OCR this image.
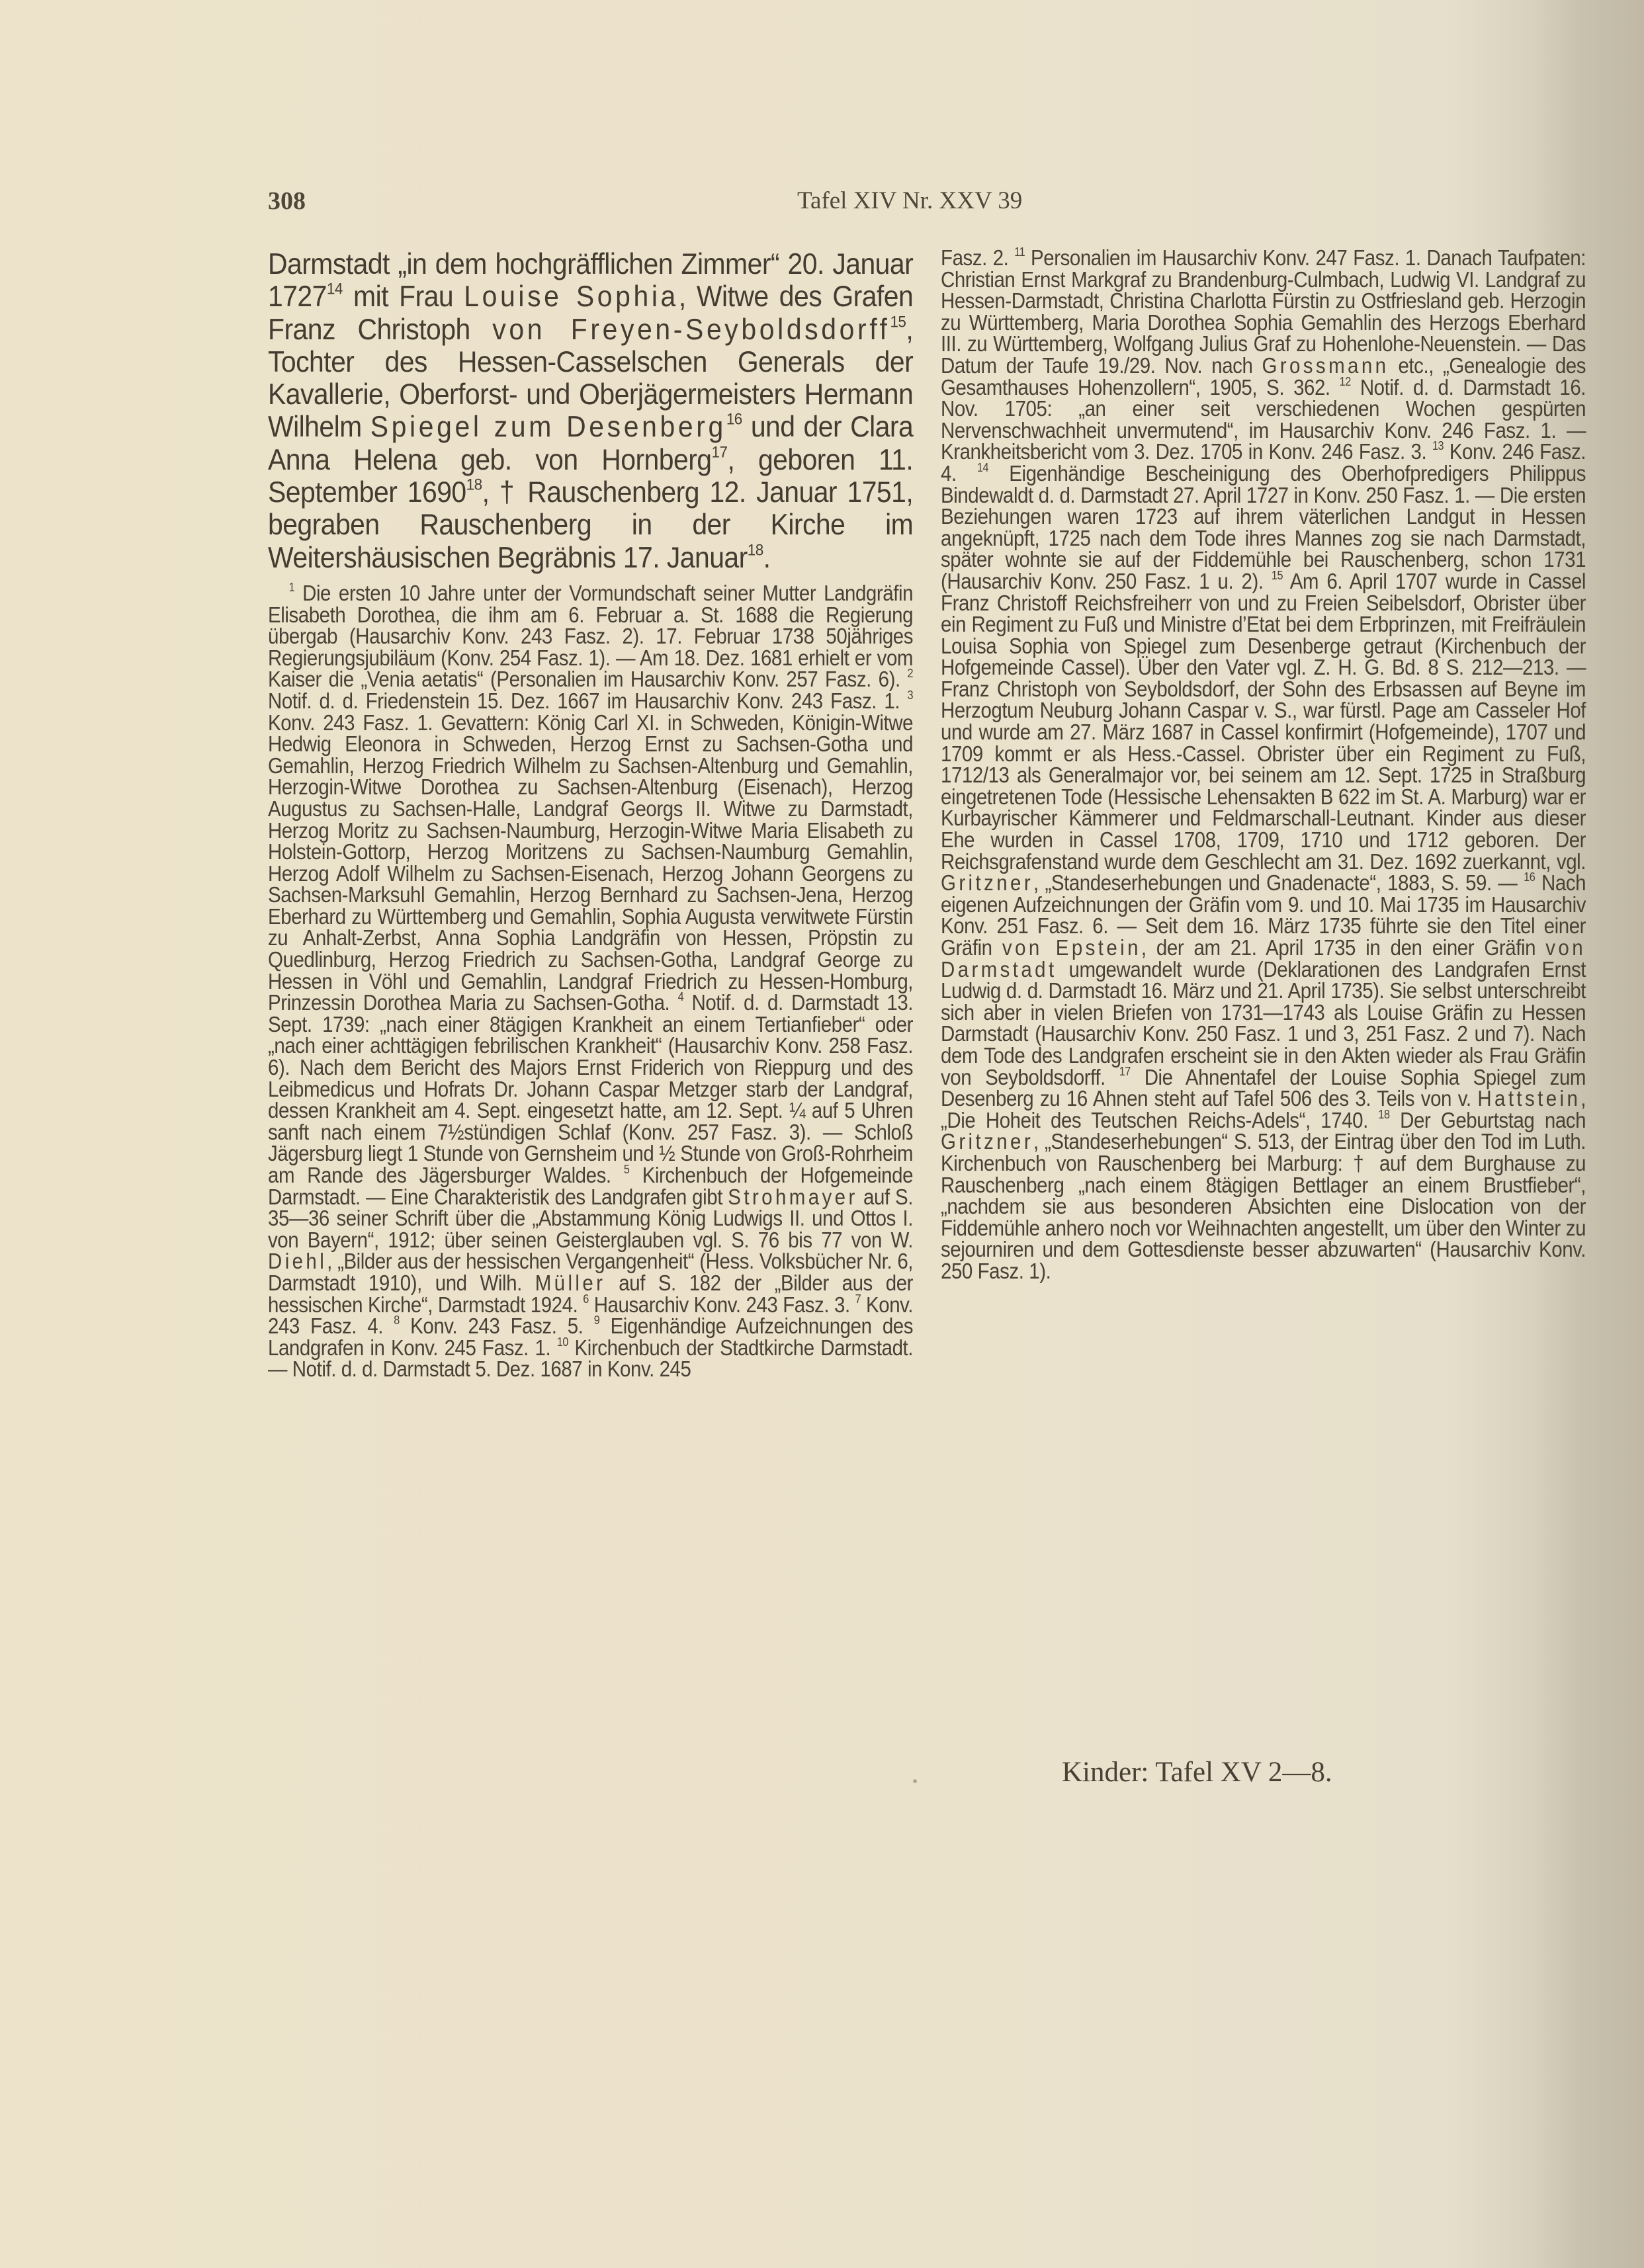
308	Tafel XIV Nr. XXV 39

Darmstadt „in dem hochgräfflichen Zimmer“ 20. Januar 1727$^{14}$ mit Frau Louise Sophia, Witwe des Grafen Franz Christoph von Freyen-Seyboldsdorff$^{15}$, Tochter des Hessen-Casselschen Generals der Kavallerie, Oberforst- und Oberjägermeisters Hermann Wilhelm Spiegel zum Desenberg$^{16}$ und der Clara Anna Helena geb. von Hornberg$^{17}$, geboren 11. September 1690$^{18}$, † Rauschenberg 12. Januar 1751, begraben Rauschenberg in der Kirche im Weitershäusischen Begräbnis 17. Januar$^{18}$.

$^1$ Die ersten 10 Jahre unter der Vormundschaft seiner Mutter Landgräfin Elisabeth Dorothea, die ihm am 6. Februar a. St. 1688 die Regierung übergab (Hausarchiv Konv. 243 Fasz. 2). 17. Februar 1738 50jähriges Regierungsjubiläum (Konv. 254 Fasz. 1). — Am 18. Dez. 1681 erhielt er vom Kaiser die „Venia aetatis“ (Personalien im Hausarchiv Konv. 257 Fasz. 6). $^2$ Notif. d. d. Friedenstein 15. Dez. 1667 im Hausarchiv Konv. 243 Fasz. 1. $^3$ Konv. 243 Fasz. 1. Gevattern: König Carl XI. in Schweden, Königin-Witwe Hedwig Eleonora in Schweden, Herzog Ernst zu Sachsen-Gotha und Gemahlin, Herzog Friedrich Wilhelm zu Sachsen-Altenburg und Gemahlin, Herzogin-Witwe Dorothea zu Sachsen-Altenburg (Eisenach), Herzog Augustus zu Sachsen-Halle, Landgraf Georgs II. Witwe zu Darmstadt, Herzog Moritz zu Sachsen-Naumburg, Herzogin-Witwe Maria Elisabeth zu Holstein-Gottorp, Herzog Moritzens zu Sachsen-Naumburg Gemahlin, Herzog Adolf Wilhelm zu Sachsen-Eisenach, Herzog Johann Georgens zu Sachsen-Marksuhl Gemahlin, Herzog Bernhard zu Sachsen-Jena, Herzog Eberhard zu Württemberg und Gemahlin, Sophia Augusta verwitwete Fürstin zu Anhalt-Zerbst, Anna Sophia Landgräfin von Hessen, Pröpstin zu Quedlinburg, Herzog Friedrich zu Sachsen-Gotha, Landgraf George zu Hessen in Vöhl und Gemahlin, Landgraf Friedrich zu Hessen-Homburg, Prinzessin Dorothea Maria zu Sachsen-Gotha. $^4$ Notif. d. d. Darmstadt 13. Sept. 1739: „nach einer 8tägigen Krankheit an einem Tertianfieber“ oder „nach einer achttägigen febrilischen Krankheit“ (Hausarchiv Konv. 258 Fasz. 6). Nach dem Bericht des Majors Ernst Friderich von Rieppurg und des Leibmedicus und Hofrats Dr. Johann Caspar Metzger starb der Landgraf, dessen Krankheit am 4. Sept. eingesetzt hatte, am 12. Sept. ¼ auf 5 Uhren sanft nach einem 7½stündigen Schlaf (Konv. 257 Fasz. 3). — Schloß Jägersburg liegt 1 Stunde von Gernsheim und ½ Stunde von Groß-Rohrheim am Rande des Jägersburger Waldes. $^5$ Kirchenbuch der Hofgemeinde Darmstadt. — Eine Charakteristik des Landgrafen gibt Strohmayer auf S. 35—36 seiner Schrift über die „Abstammung König Ludwigs II. und Ottos I. von Bayern“, 1912; über seinen Geisterglauben vgl. S. 76 bis 77 von W. Diehl, „Bilder aus der hessischen Vergangenheit“ (Hess. Volksbücher Nr. 6, Darmstadt 1910), und Wilh. Müller auf S. 182 der „Bilder aus der hessischen Kirche“, Darmstadt 1924. $^6$ Hausarchiv Konv. 243 Fasz. 3. $^7$ Konv. 243 Fasz. 4. $^8$ Konv. 243 Fasz. 5. $^9$ Eigenhändige Aufzeichnungen des Landgrafen in Konv. 245 Fasz. 1. $^{10}$ Kirchenbuch der Stadtkirche Darmstadt. — Notif. d. d. Darmstadt 5. Dez. 1687 in Konv. 245

Fasz. 2. $^{11}$ Personalien im Hausarchiv Konv. 247 Fasz. 1. Danach Taufpaten: Christian Ernst Markgraf zu Brandenburg-Culmbach, Ludwig VI. Landgraf zu Hessen-Darmstadt, Christina Charlotta Fürstin zu Ostfriesland geb. Herzogin zu Württemberg, Maria Dorothea Sophia Gemahlin des Herzogs Eberhard III. zu Württemberg, Wolfgang Julius Graf zu Hohenlohe-Neuenstein. — Das Datum der Taufe 19./29. Nov. nach Grossmann etc., „Genealogie des Gesamthauses Hohenzollern“, 1905, S. 362. $^{12}$ Notif. d. d. Darmstadt 16. Nov. 1705: „an einer seit verschiedenen Wochen gespürten Nervenschwachheit unvermutend“, im Hausarchiv Konv. 246 Fasz. 1. — Krankheitsbericht vom 3. Dez. 1705 in Konv. 246 Fasz. 3. $^{13}$ Konv. 246 Fasz. 4. $^{14}$ Eigenhändige Bescheinigung des Oberhofpredigers Philippus Bindewaldt d. d. Darmstadt 27. April 1727 in Konv. 250 Fasz. 1. — Die ersten Beziehungen waren 1723 auf ihrem väterlichen Landgut in Hessen angeknüpft, 1725 nach dem Tode ihres Mannes zog sie nach Darmstadt, später wohnte sie auf der Fiddemühle bei Rauschenberg, schon 1731 (Hausarchiv Konv. 250 Fasz. 1 u. 2). $^{15}$ Am 6. April 1707 wurde in Cassel Franz Christoff Reichsfreiherr von und zu Freien Seibelsdorf, Obrister über ein Regiment zu Fuß und Ministre d’Etat bei dem Erbprinzen, mit Freifräulein Louisa Sophia von Spiegel zum Desenberge getraut (Kirchenbuch der Hofgemeinde Cassel). Über den Vater vgl. Z. H. G. Bd. 8 S. 212—213. — Franz Christoph von Seyboldsdorf, der Sohn des Erbsassen auf Beyne im Herzogtum Neuburg Johann Caspar v. S., war fürstl. Page am Casseler Hof und wurde am 27. März 1687 in Cassel konfirmirt (Hofgemeinde), 1707 und 1709 kommt er als Hess.-Cassel. Obrister über ein Regiment zu Fuß, 1712/13 als Generalmajor vor, bei seinem am 12. Sept. 1725 in Straßburg eingetretenen Tode (Hessische Lehensakten B 622 im St. A. Marburg) war er Kurbayrischer Kämmerer und Feldmarschall-Leutnant. Kinder aus dieser Ehe wurden in Cassel 1708, 1709, 1710 und 1712 geboren. Der Reichsgrafenstand wurde dem Geschlecht am 31. Dez. 1692 zuerkannt, vgl. Gritzner, „Standeserhebungen und Gnadenacte“, 1883, S. 59. — $^{16}$ Nach eigenen Aufzeichnungen der Gräfin vom 9. und 10. Mai 1735 im Hausarchiv Konv. 251 Fasz. 6. — Seit dem 16. März 1735 führte sie den Titel einer Gräfin von Epstein, der am 21. April 1735 in den einer Gräfin von Darmstadt umgewandelt wurde (Deklarationen des Landgrafen Ernst Ludwig d. d. Darmstadt 16. März und 21. April 1735). Sie selbst unterschreibt sich aber in vielen Briefen von 1731—1743 als Louise Gräfin zu Hessen Darmstadt (Hausarchiv Konv. 250 Fasz. 1 und 3, 251 Fasz. 2 und 7). Nach dem Tode des Landgrafen erscheint sie in den Akten wieder als Frau Gräfin von Seyboldsdorff. $^{17}$ Die Ahnentafel der Louise Sophia Spiegel zum Desenberg zu 16 Ahnen steht auf Tafel 506 des 3. Teils von v. Hattstein, „Die Hoheit des Teutschen Reichs-Adels“, 1740. $^{18}$ Der Geburtstag nach Gritzner, „Standeserhebungen“ S. 513, der Eintrag über den Tod im Luth. Kirchenbuch von Rauschenberg bei Marburg: † auf dem Burghause zu Rauschenberg „nach einem 8tägigen Bettlager an einem Brustfieber“, „nachdem sie aus besonderen Absichten eine Dislocation von der Fiddemühle anhero noch vor Weihnachten angestellt, um über den Winter zu sejourniren und dem Gottesdienste besser abzuwarten“ (Hausarchiv Konv. 250 Fasz. 1).

Kinder: Tafel XV 2—8.
